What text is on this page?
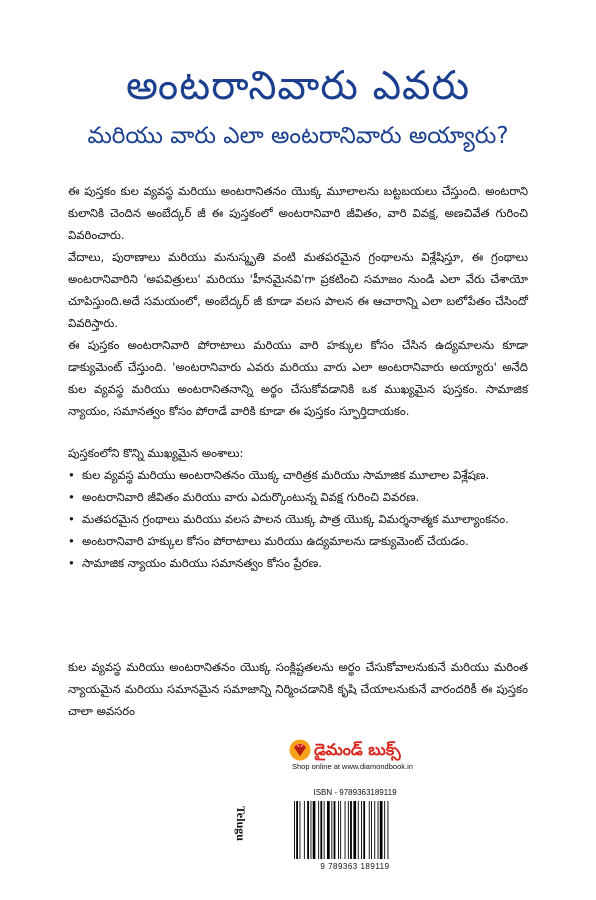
అంటరానివారు ఎవరు
మరియు వారు ఎలా అంటరానివారు అయ్యారు?

ఈ పుస్తకం కుల వ్యవస్థ మరియు అంటరానితనం యొక్క మూలాలను బట్టబయలు చేస్తుంది. అంటరాని కులానికి చెందిన అంబేద్కర్ జీ ఈ పుస్తకంలో అంటరానివారి జీవితం, వారి వివక్ష, అణచివేత గురించి వివరించారు.

వేదాలు, పురాణాలు మరియు మనుస్మృతి వంటి మతపరమైన గ్రంథాలను విశ్లేషిస్తూ, ఈ గ్రంథాలు అంటరానివారిని 'అపవిత్రులు' మరియు 'హీనమైనవి'గా ప్రకటించి సమాజం నుండి ఎలా వేరు చేశాయో చూపిస్తుంది.అదే సమయంలో, అంబేద్కర్ జీ కూడా వలస పాలన ఈ ఆచారాన్ని ఎలా బలోపేతం చేసిందో వివరిస్తారు.

ఈ పుస్తకం అంటరానివారి పోరాటాలు మరియు వారి హక్కుల కోసం చేసిన ఉద్యమాలను కూడా డాక్యుమెంట్ చేస్తుంది. 'అంటరానివారు ఎవరు మరియు వారు ఎలా అంటరానివారు అయ్యారు' అనేది కుల వ్యవస్థ మరియు అంటరానితనాన్ని అర్థం చేసుకోవడానికి ఒక ముఖ్యమైన పుస్తకం. సామాజిక న్యాయం, సమానత్వం కోసం పోరాడే వారికి కూడా ఈ పుస్తకం స్ఫూర్తిదాయకం.

పుస్తకంలోని కొన్ని ముఖ్యమైన అంశాలు:
• కుల వ్యవస్థ మరియు అంటరానితనం యొక్క చారిత్రక మరియు సామాజిక మూలాల విశ్లేషణ.
• అంటరానివారి జీవితం మరియు వారు ఎదుర్కొంటున్న వివక్ష గురించి వివరణ.
• మతపరమైన గ్రంథాలు మరియు వలస పాలన యొక్క పాత్ర యొక్క విమర్శనాత్మక మూల్యాంకనం.
• అంటరానివారి హక్కుల కోసం పోరాటాలు మరియు ఉద్యమాలను డాక్యుమెంట్ చేయడం.
• సామాజిక న్యాయం మరియు సమానత్వం కోసం ప్రేరణ.

కుల వ్యవస్థ మరియు అంటరానితనం యొక్క సంక్లిష్టతలను అర్థం చేసుకోవాలనుకునే మరియు మరింత న్యాయమైన మరియు సమానమైన సమాజాన్ని నిర్మించడానికి కృషి చేయాలనుకునే వారందరికీ ఈ పుస్తకం చాలా అవసరం

డైమండ్ బుక్స్
Shop online at www.diamondbook.in
Telugu
ISBN - 9789363189119
9 789363 189119
